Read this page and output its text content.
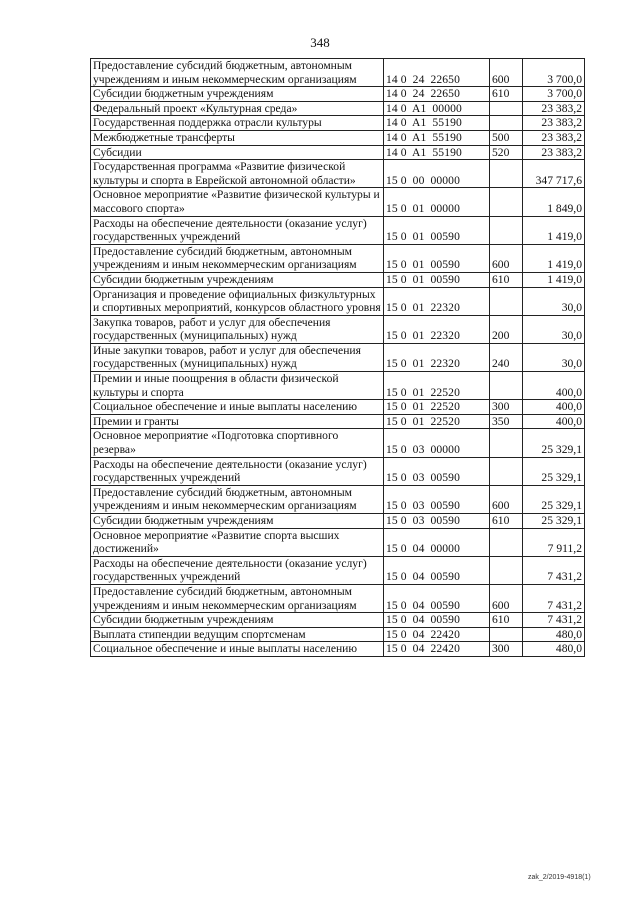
348
Предоставление субсидий бюджетным, автономным учреждениям и иным некоммерческим организациям	14 0  24  22650	600	3 700,0
Субсидии бюджетным учреждениям	14 0  24  22650	610	3 700,0
Федеральный проект «Культурная среда»	14 0  A1  00000		23 383,2
Государственная поддержка отрасли культуры	14 0  A1  55190		23 383,2
Межбюджетные трансферты	14 0  A1  55190	500	23 383,2
Субсидии	14 0  A1  55190	520	23 383,2
Государственная программа «Развитие физической культуры и спорта в Еврейской автономной области»	15 0  00  00000		347 717,6
Основное мероприятие «Развитие физической культуры и массового спорта»	15 0  01  00000		1 849,0
Расходы на обеспечение деятельности (оказание услуг) государственных учреждений	15 0  01  00590		1 419,0
Предоставление субсидий бюджетным, автономным учреждениям и иным некоммерческим организациям	15 0  01  00590	600	1 419,0
Субсидии бюджетным учреждениям	15 0  01  00590	610	1 419,0
Организация и проведение официальных физкультурных и спортивных мероприятий, конкурсов областного уровня	15 0  01  22320		30,0
Закупка товаров, работ и услуг для обеспечения государственных (муниципальных) нужд	15 0  01  22320	200	30,0
Иные закупки товаров, работ и услуг для обеспечения государственных (муниципальных) нужд	15 0  01  22320	240	30,0
Премии и иные поощрения в области физической культуры и спорта	15 0  01  22520		400,0
Социальное обеспечение и иные выплаты населению	15 0  01  22520	300	400,0
Премии и гранты	15 0  01  22520	350	400,0
Основное мероприятие «Подготовка спортивного резерва»	15 0  03  00000		25 329,1
Расходы на обеспечение деятельности (оказание услуг) государственных учреждений	15 0  03  00590		25 329,1
Предоставление субсидий бюджетным, автономным учреждениям и иным некоммерческим организациям	15 0  03  00590	600	25 329,1
Субсидии бюджетным учреждениям	15 0  03  00590	610	25 329,1
Основное мероприятие «Развитие спорта высших достижений»	15 0  04  00000		7 911,2
Расходы на обеспечение деятельности (оказание услуг) государственных учреждений	15 0  04  00590		7 431,2
Предоставление субсидий бюджетным, автономным учреждениям и иным некоммерческим организациям	15 0  04  00590	600	7 431,2
Субсидии бюджетным учреждениям	15 0  04  00590	610	7 431,2
Выплата стипендии ведущим спортсменам	15 0  04  22420		480,0
Социальное обеспечение и иные выплаты населению	15 0  04  22420	300	480,0
zak_2/2019-4918(1)
